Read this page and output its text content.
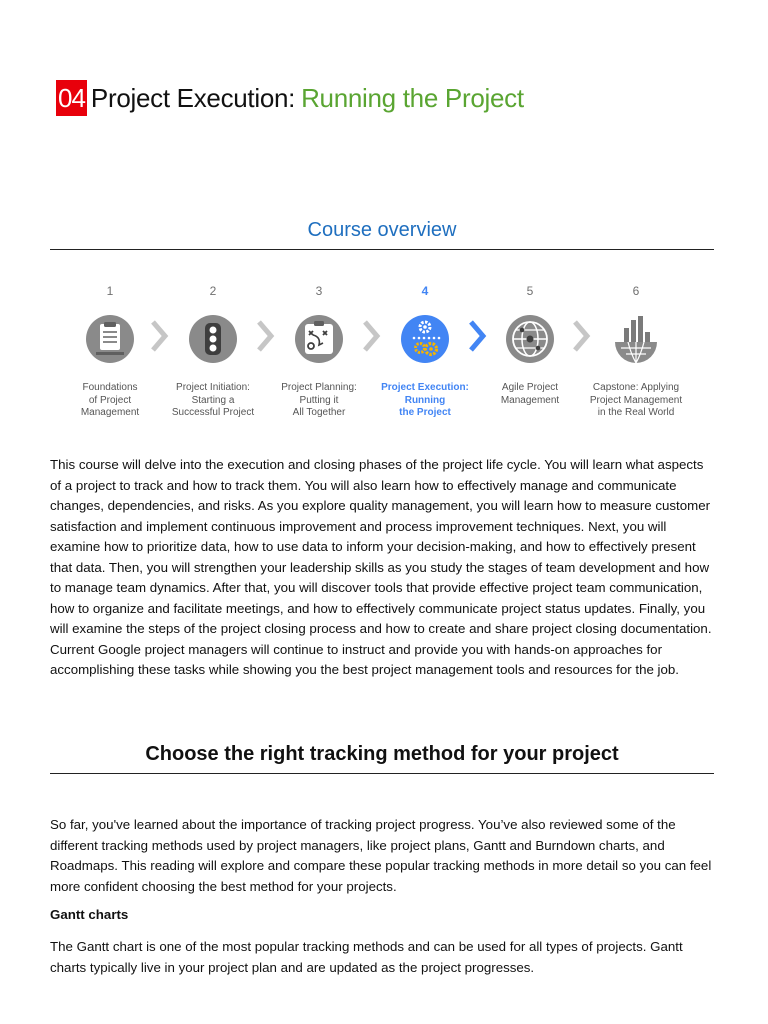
04 Project Execution: Running the Project
Course overview
1
Foundations
of Project
Management
2
Project Initiation:
Starting a
Successful Project
3
Project Planning:
Putting it
All Together
4
Project Execution:
Running
the Project
5
Agile Project
Management
6
Capstone: Applying
Project Management
in the Real World

This course will delve into the execution and closing phases of the project life cycle. You will learn what aspects of a project to track and how to track them. You will also learn how to effectively manage and communicate changes, dependencies, and risks. As you explore quality management, you will learn how to measure customer satisfaction and implement continuous improvement and process improvement techniques. Next, you will examine how to prioritize data, how to use data to inform your decision-making, and how to effectively present that data. Then, you will strengthen your leadership skills as you study the stages of team development and how to manage team dynamics. After that, you will discover tools that provide effective project team communication, how to organize and facilitate meetings, and how to effectively communicate project status updates. Finally, you will examine the steps of the project closing process and how to create and share project closing documentation. Current Google project managers will continue to instruct and provide you with hands-on approaches for accomplishing these tasks while showing you the best project management tools and resources for the job.

Choose the right tracking method for your project

So far, you've learned about the importance of tracking project progress. You’ve also reviewed some of the different tracking methods used by project managers, like project plans, Gantt and Burndown charts, and Roadmaps. This reading will explore and compare these popular tracking methods in more detail so you can feel more confident choosing the best method for your projects.

Gantt charts

The Gantt chart is one of the most popular tracking methods and can be used for all types of projects. Gantt charts typically live in your project plan and are updated as the project progresses.
